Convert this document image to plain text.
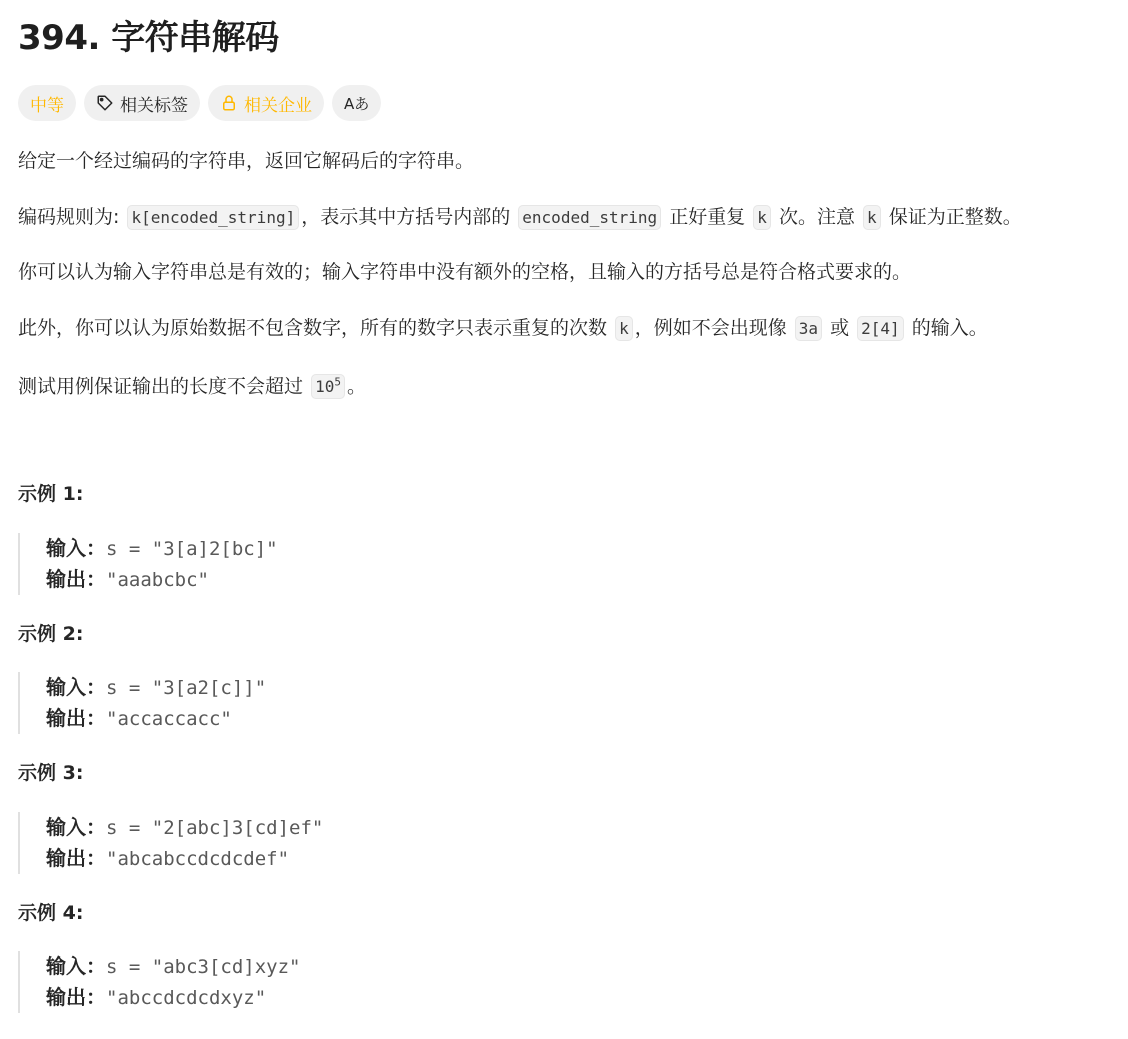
394. 字符串解码
中等	相关标签	相关企业 Aあ

给定一个经过编码的字符串，返回它解码后的字符串。

编码规则为: k[encoded_string] ，表示其中方括号内部的 encoded_string 正好重复 k 次。注意 k 保证为正整数。

你可以认为输入字符串总是有效的；输入字符串中没有额外的空格，且输入的方括号总是符合格式要求的。

此外，你可以认为原始数据不包含数字，所有的数字只表示重复的次数 k ，例如不会出现像 3a 或 2[4] 的输入。

测试用例保证输出的长度不会超过 $10^5$ 。

示例 1:
输入：s = "3[a]2[bc]"
输出："aaabcbc"
示例 2:
输入：s = "3[a2[c]]"
输出："accaccacc"
示例 3:
输入：s = "2[abc]3[cd]ef"
输出："abcabccdcdcdef"
示例 4:
输入：s = "abc3[cd]xyz"
输出："abccdcdcdxyz"
